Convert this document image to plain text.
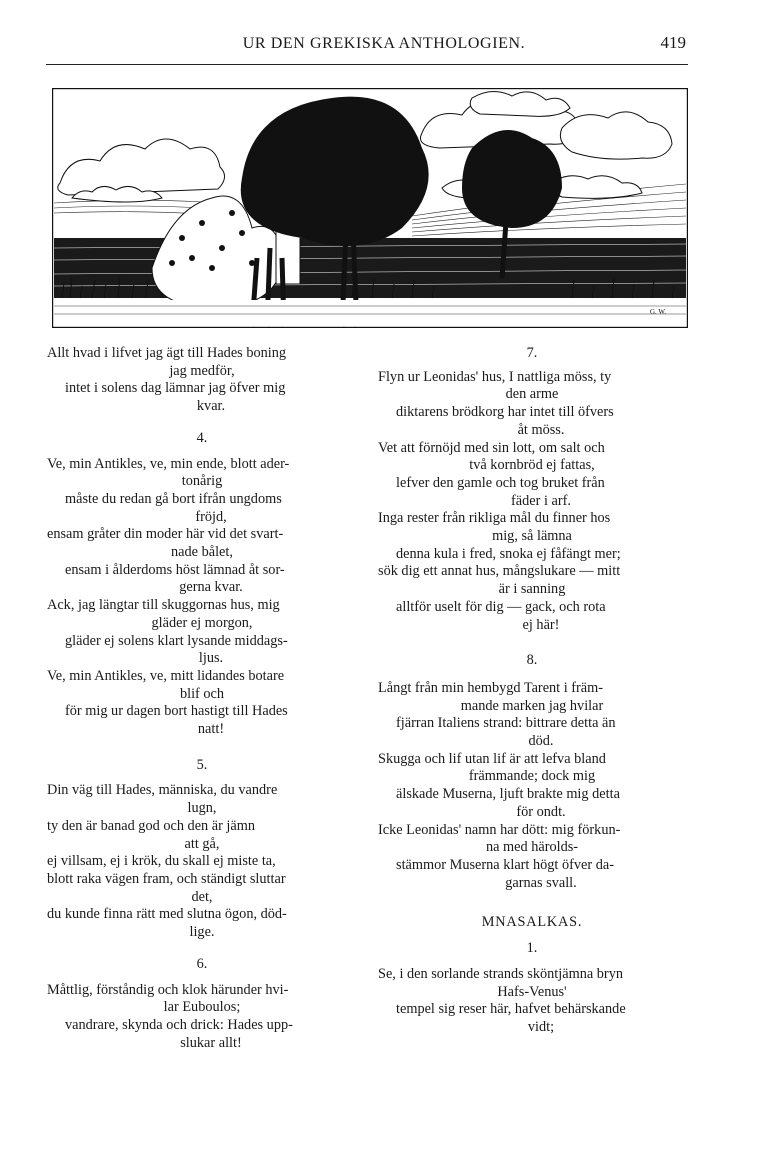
UR DEN GREKISKA ANTHOLOGIEN.	419
G. W.

Allt hvad i lifvet jag ägt till Hades boning
jag medför,

intet i solens dag lämnar jag öfver mig
kvar.

4.

Ve, min Antikles, ve, min ende, blott ader-
tonårig

måste du redan gå bort ifrån ungdoms
fröjd,

ensam gråter din moder här vid det svart-
nade bålet,

ensam i ålderdoms höst lämnad åt sor-
gerna kvar.

Ack, jag längtar till skuggornas hus, mig
gläder ej morgon,

gläder ej solens klart lysande middags-
ljus.

Ve, min Antikles, ve, mitt lidandes botare
blif och

för mig ur dagen bort hastigt till Hades
natt!

5.

Din väg till Hades, människa, du vandre
lugn,

ty den är banad god och den är jämn
att gå,

ej villsam, ej i krök, du skall ej miste ta,

blott raka vägen fram, och ständigt sluttar
det,

du kunde finna rätt med slutna ögon, död-
lige.

6.

Måttlig, förståndig och klok härunder hvi-
lar Euboulos;

vandrare, skynda och drick: Hades upp-
slukar allt!

7.

Flyn ur Leonidas' hus, I nattliga möss, ty
den arme

diktarens brödkorg har intet till öfvers
åt möss.

Vet att förnöjd med sin lott, om salt och
två kornbröd ej fattas,

lefver den gamle och tog bruket från
fäder i arf.

Inga rester från rikliga mål du finner hos
mig, så lämna

denna kula i fred, snoka ej fåfängt mer;

sök dig ett annat hus, mångslukare — mitt
är i sanning

alltför uselt för dig — gack, och rota
ej här!

8.

Långt från min hembygd Tarent i främ-
mande marken jag hvilar

fjärran Italiens strand: bittrare detta än
död.

Skugga och lif utan lif är att lefva bland
främmande; dock mig

älskade Muserna, ljuft brakte mig detta
för ondt.

Icke Leonidas' namn har dött: mig förkun-
na med härolds-

stämmor Muserna klart högt öfver da-
garnas svall.

MNASALKAS.

1.

Se, i den sorlande strands sköntjämna bryn
Hafs-Venus'

tempel sig reser här, hafvet behärskande
vidt;
